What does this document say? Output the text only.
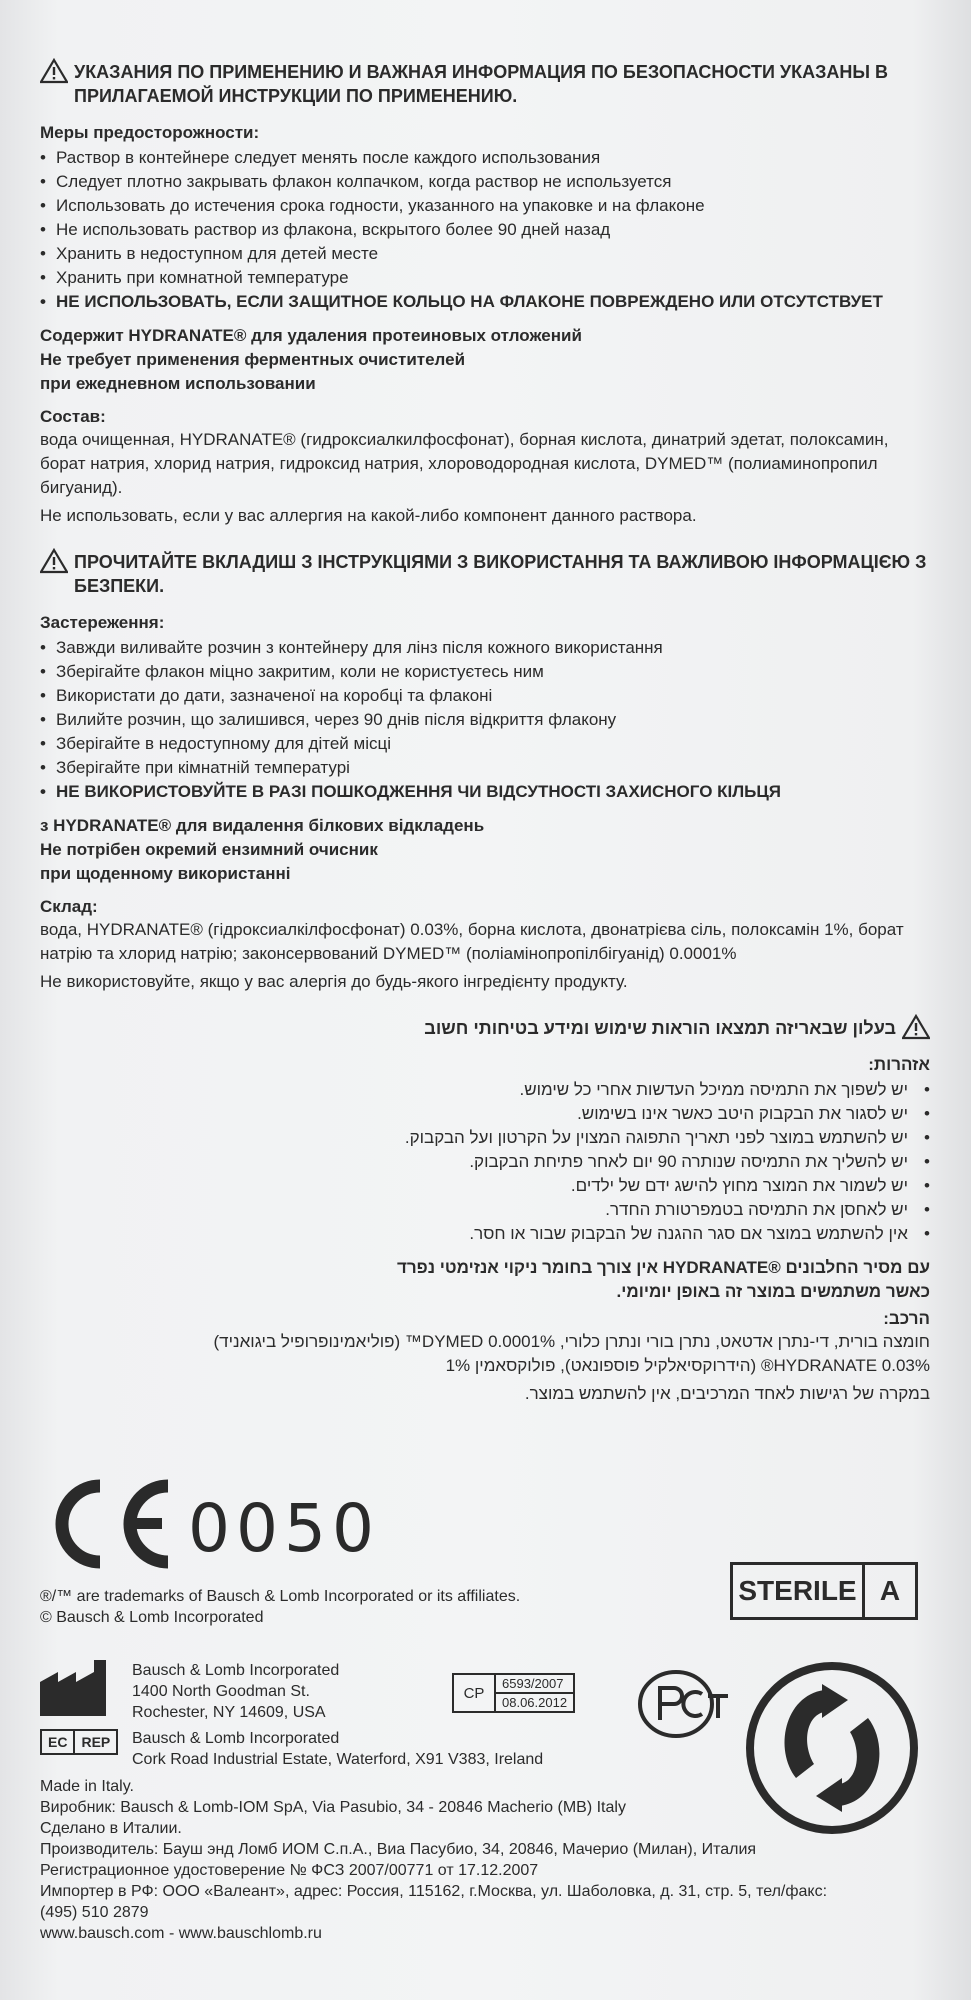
УКАЗАНИЯ ПО ПРИМЕНЕНИЮ И ВАЖНАЯ ИНФОРМАЦИЯ ПО БЕЗОПАСНОСТИ УКАЗАНЫ В ПРИЛАГАЕМОЙ ИНСТРУКЦИИ ПО ПРИМЕНЕНИЮ.
Меры предосторожности:
• Раствор в контейнере следует менять после каждого использования
• Следует плотно закрывать флакон колпачком, когда раствор не используется
• Использовать до истечения срока годности, указанного на упаковке и на флаконе
• Не использовать раствор из флакона, вскрытого более 90 дней назад
• Хранить в недоступном для детей месте
• Хранить при комнатной температуре
• НЕ ИСПОЛЬЗОВАТЬ, ЕСЛИ ЗАЩИТНОЕ КОЛЬЦО НА ФЛАКОНЕ ПОВРЕЖДЕНО ИЛИ ОТСУТСТВУЕТ
Содержит HYDRANATE® для удаления протеиновых отложений
Не требует применения ферментных очистителей
при ежедневном использовании
Состав:
вода очищенная, HYDRANATE® (гидроксиалкилфосфонат), борная кислота, динатрий эдетат, полоксамин, борат натрия, хлорид натрия, гидроксид натрия, хлороводородная кислота, DYMED™ (полиаминопропил бигуанид).
Не использовать, если у вас аллергия на какой-либо компонент данного раствора.
ПРОЧИТАЙТЕ ВКЛАДИШ З ІНСТРУКЦІЯМИ З ВИКОРИСТАННЯ ТА ВАЖЛИВОЮ ІНФОРМАЦІЄЮ З БЕЗПЕКИ.
Застереження:
• Завжди виливайте розчин з контейнеру для лінз після кожного використання
• Зберігайте флакон міцно закритим, коли не користуєтесь ним
• Використати до дати, зазначеної на коробці та флаконі
• Вилийте розчин, що залишився, через 90 днів після відкриття флакону
• Зберігайте в недоступному для дітей місці
• Зберігайте при кімнатній температурі
• НЕ ВИКОРИСТОВУЙТЕ В РАЗІ ПОШКОДЖЕННЯ ЧИ ВІДСУТНОСТІ ЗАХИСНОГО КІЛЬЦЯ
з HYDRANATE® для видалення білкових відкладень
Не потрібен окремий ензимний очисник
при щоденному використанні
Склад:
вода, HYDRANATE® (гідроксиалкілфосфонат) 0.03%, борна кислота, двонатрієва сіль, полоксамін 1%, борат натрію та хлорид натрію; законсервований DYMED™ (поліамінопропілбігуанід) 0.0001%
Не використовуйте, якщо у вас алергія до будь-якого інгредієнту продукту.
בעלון שבאריזה תמצאו הוראות שימוש ומידע בטיחותי חשוב
אזהרות:
• יש לשפוך את התמיסה ממיכל העדשות אחרי כל שימוש.
• יש לסגור את הבקבוק היטב כאשר אינו בשימוש.
• יש להשתמש במוצר לפני תאריך התפוגה המצוין על הקרטון ועל הבקבוק.
• יש להשליך את התמיסה שנותרה 90 יום לאחר פתיחת הבקבוק.
• יש לשמור את המוצר מחוץ להישג ידם של ילדים.
• יש לאחסן את התמיסה בטמפרטורת החדר.
• אין להשתמש במוצר אם סגר ההגנה של הבקבוק שבור או חסר.
עם מסיר החלבונים ®HYDRANATE אין צורך בחומר ניקוי אנזימטי נפרד
כאשר משתמשים במוצר זה באופן יומיומי.
הרכב:
חומצה בורית, די-נתרן אדטאט, נתרן בורי ונתרן כלורי, ‎0.0001%‏ ‎DYMED™‏ (פוליאמינופרופיל ביגואניד)
‎0.03%‏ ‎HYDRANATE®‏ (הידרוקסיאלקיל פוספונאט), פולוקסאמין 1%
במקרה של רגישות לאחד המרכיבים, אין להשתמש במוצר.
0050
STERILE A
®/™ are trademarks of Bausch & Lomb Incorporated or its affiliates.
© Bausch & Lomb Incorporated
Bausch & Lomb Incorporated
1400 North Goodman St.
Rochester, NY 14609, USA
EC	REP	Bausch & Lomb Incorporated
Cork Road Industrial Estate, Waterford, X91 V383, Ireland
CP
6593/2007
08.06.2012
Made in Italy.
Виробник: Bausch & Lomb-IOM SpA, Via Pasubio, 34 - 20846 Macherio (MB) Italy
Сделано в Италии.
Производитель: Бауш энд Ломб ИОМ С.п.А., Виа Пасубио, 34, 20846, Мачерио (Милан), Италия
Регистрационное удостоверение № ФСЗ 2007/00771 от 17.12.2007
Импортер в РФ: ООО «Валеант», адрес: Россия, 115162, г.Москва, ул. Шаболовка, д. 31, стр. 5, тел/факс:
(495) 510 2879
www.bausch.com - www.bauschlomb.ru
